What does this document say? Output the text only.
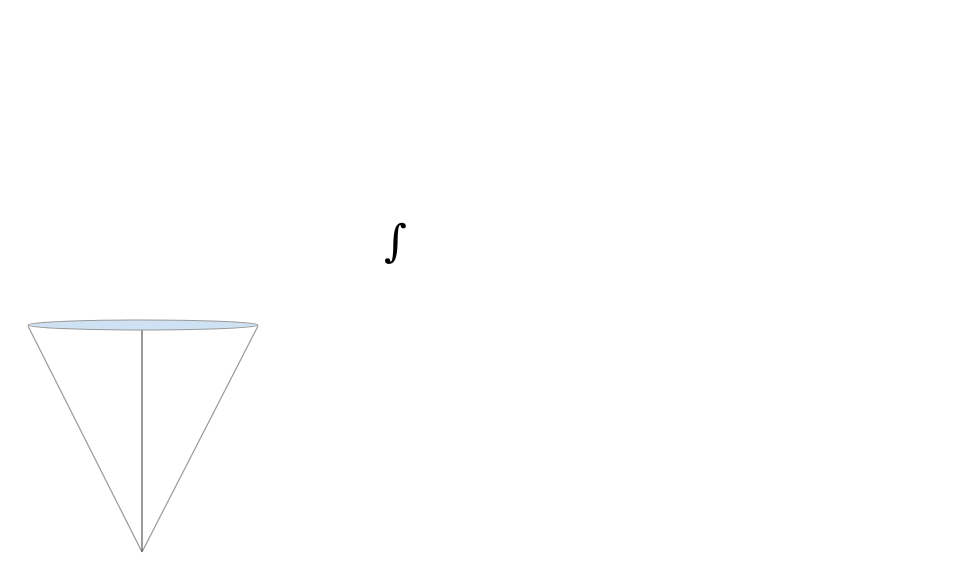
∫
